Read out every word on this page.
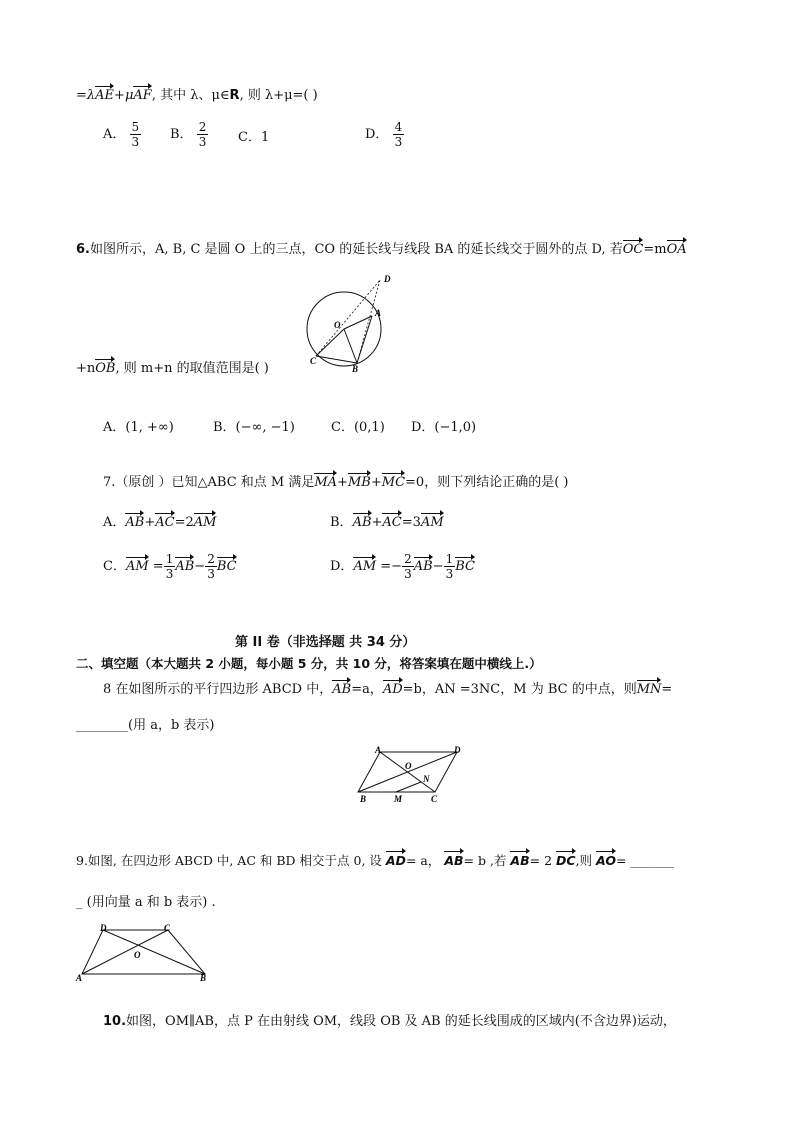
=λAE+μAF, 其中 λ、μ∈R, 则 λ+μ=( )
A． $\frac{5}{3}$ B． $\frac{2}{3}$ C．1	D． $\frac{4}{3}$
6.如图所示，A, B, C 是圆 O 上的三点，CO 的延长线与线段 BA 的延长线交于圆外的点 D, 若OC=mOA
D
O
A
C
B
+nOB, 则 m+n 的取值范围是( )
A．(1, +∞)	B．(−∞, −1)	C．(0,1) D．(−1,0)
7.（原创 ）已知△ABC 和点 M 满足MA+MB+MC=0，则下列结论正确的是( )
A．AB+AC=2AM	B．AB+AC=3AM
C．AM = $\frac{1}{3} AB- \frac{2}{3}$ BC	D．AM =− $\frac{2}{3} AB- \frac{1}{3}$ BC
第 II 卷（非选择题 共 34 分）
二、填空题（本大题共 2 小题，每小题 5 分，共 10 分，将答案填在题中横线上.）
8 在如图所示的平行四边形 ABCD 中，AB=a，AD=b，AN =3NC，M 为 BC 的中点，则MN=
________(用 a，b 表示)
A	D
O
N
B	M	C
9.如图, 在四边形 ABCD 中, AC 和 BD 相交于点 0, 设 AD= a， AB= b ,若 AB= 2 DC,则 AO= _______
_ (用向量 a 和 b 表示) .
D	C
O
A	B
10.如图，OM∥AB，点 P 在由射线 OM，线段 OB 及 AB 的延长线围成的区域内(不含边界)运动，
